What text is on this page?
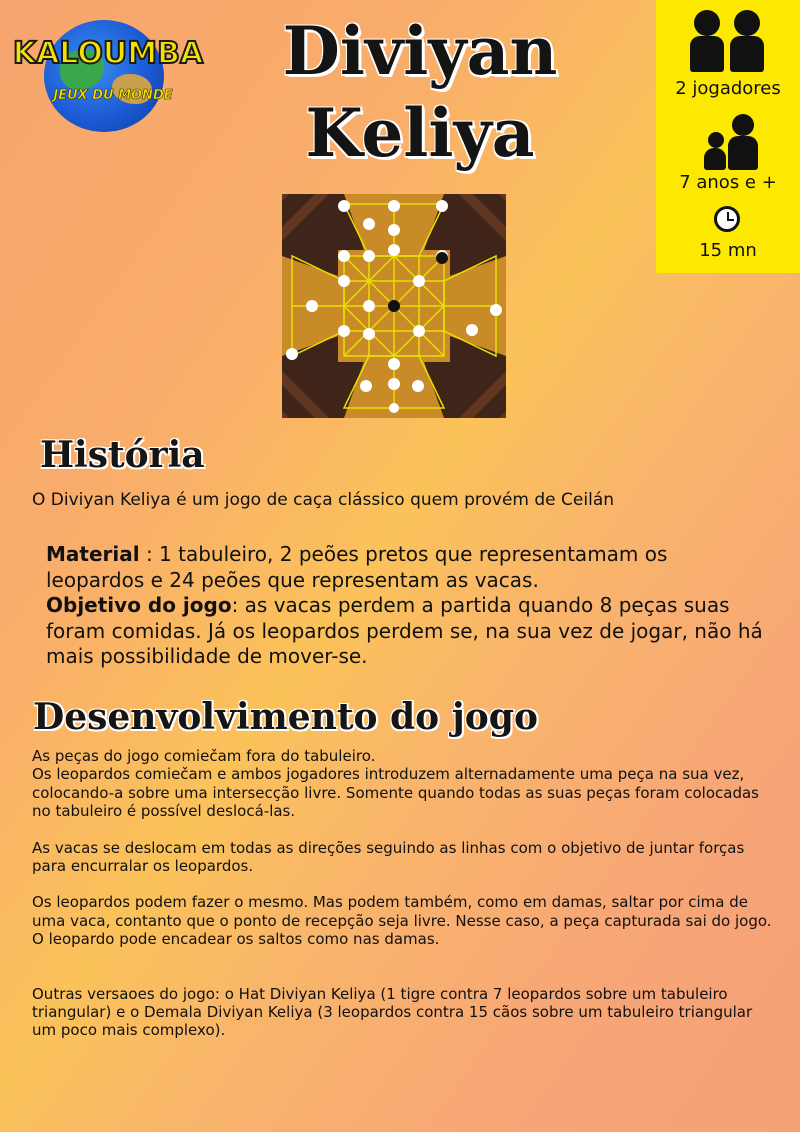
KALOUMBA
JEUX DU MONDE
Diviyan
Keliya
2 jogadores
7 anos e +
15 mn
História
O Diviyan Keliya é um jogo de caça clássico quem provém de Ceilán
Material : 1 tabuleiro, 2 peões pretos que representamam os leopardos e 24 peões que representam as vacas.
Objetivo do jogo: as vacas perdem a partida quando 8 peças suas foram comidas. Já os leopardos perdem se, na sua vez de jogar, não há mais possibilidade de mover-se.
Desenvolvimento do jogo

As peças do jogo comiečam fora do tabuleiro.

Os leopardos comiečam e ambos jogadores introduzem alternadamente uma peça na sua vez, colocando-a sobre uma intersecção livre. Somente quando todas as suas peças foram colocadas no tabuleiro é possível deslocá-las.

As vacas se deslocam em todas as direções seguindo as linhas com o objetivo de juntar forças para encurralar os leopardos.

Os leopardos podem fazer o mesmo. Mas podem também, como em damas, saltar por cima de uma vaca, contanto que o ponto de recepção seja livre. Nesse caso, a peça capturada sai do jogo. O leopardo pode encadear os saltos como nas damas.

Outras versaoes do jogo: o Hat Diviyan Keliya (1 tigre contra 7 leopardos sobre um tabuleiro triangular) e o Demala Diviyan Keliya (3 leopardos contra 15 cãos sobre um tabuleiro triangular um poco mais complexo).
